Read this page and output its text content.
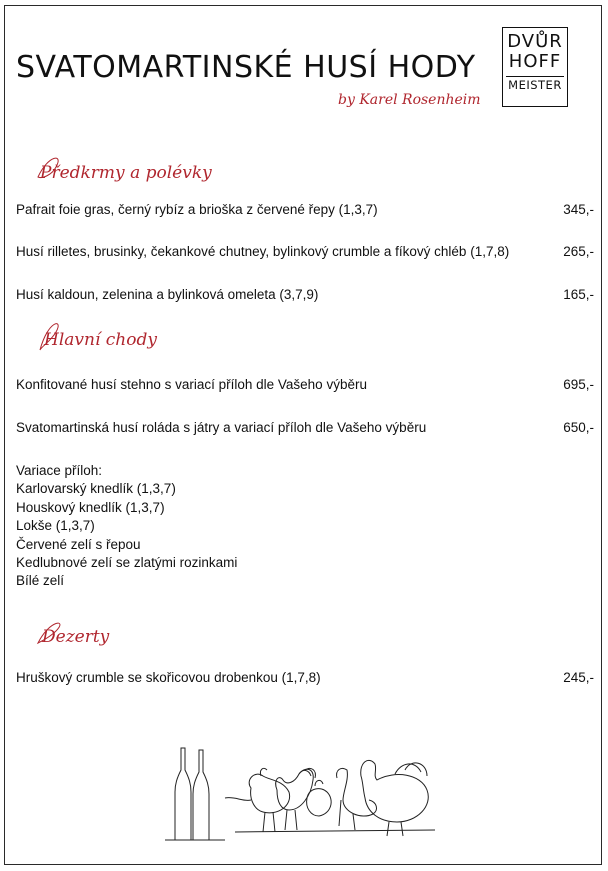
SVATOMARTINSKÉ HUSÍ HODY
by Karel Rosenheim
DVŮR
HOFF
MEISTER
Předkrmy a polévky
Pafrait foie gras, černý rybíz a brioška z červené řepy (1,3,7)	345,-
Husí rilletes, brusinky, čekankové chutney, bylinkový crumble a fíkový chléb (1,7,8)	265,-
Husí kaldoun, zelenina a bylinková omeleta (3,7,9)	165,-
Hlavní chody
Konfitované husí stehno s variací příloh dle Vašeho výběru	695,-
Svatomartinská husí roláda s játry a variací příloh dle Vašeho výběru	650,-
Variace příloh:
Karlovarský knedlík (1,3,7)
Houskový knedlík (1,3,7)
Lokše (1,3,7)
Červené zelí s řepou
Kedlubnové zelí se zlatými rozinkami
Bílé zelí
Dezerty
Hruškový crumble se skořicovou drobenkou (1,7,8)	245,-
